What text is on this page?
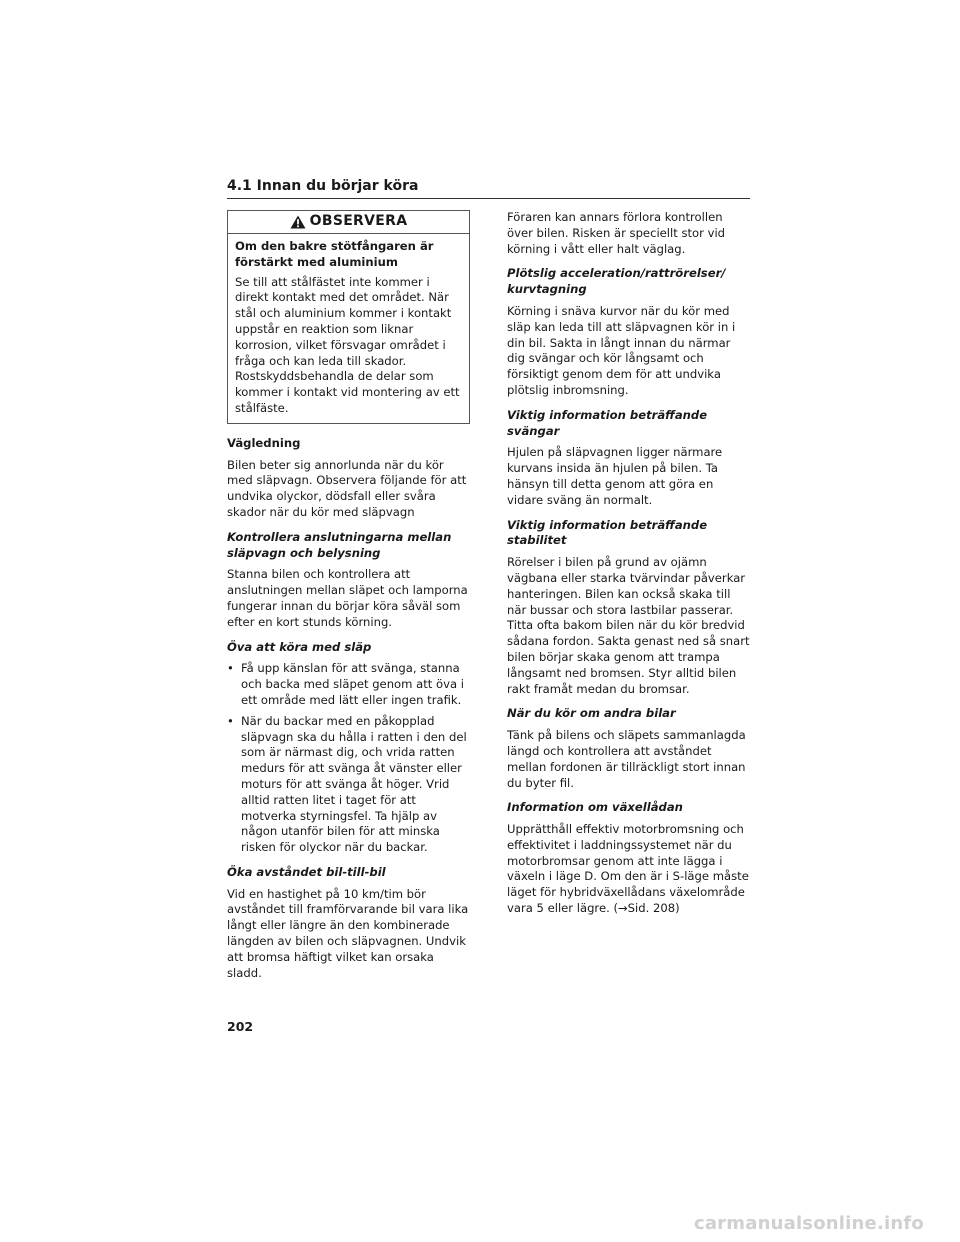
4.1 Innan du börjar köra
OBSERVERA

Om den bakre stötfångaren är förstärkt med aluminium

Se till att stålfästet inte kommer i direkt kontakt med det området. När stål och aluminium kommer i kontakt uppstår en reaktion som liknar korrosion, vilket försvagar området i fråga och kan leda till skador. Rostskyddsbehandla de delar som kommer i kontakt vid montering av ett stålfäste.

Vägledning

Bilen beter sig annorlunda när du kör med släpvagn. Observera följande för att undvika olyckor, dödsfall eller svåra skador när du kör med släpvagn

Kontrollera anslutningarna mellan släpvagn och belysning

Stanna bilen och kontrollera att anslutningen mellan släpet och lamporna fungerar innan du börjar köra såväl som efter en kort stunds körning.

Öva att köra med släp

• Få upp känslan för att svänga, stanna och backa med släpet genom att öva i ett område med lätt eller ingen trafik.
• När du backar med en påkopplad släpvagn ska du hålla i ratten i den del som är närmast dig, och vrida ratten medurs för att svänga åt vänster eller moturs för att svänga åt höger. Vrid alltid ratten litet i taget för att motverka styrningsfel. Ta hjälp av någon utanför bilen för att minska risken för olyckor när du backar.

Öka avståndet bil-till-bil

Vid en hastighet på 10 km/tim bör avståndet till framförvarande bil vara lika långt eller längre än den kombinerade längden av bilen och släpvagnen. Undvik att bromsa häftigt vilket kan orsaka sladd.

Föraren kan annars förlora kontrollen över bilen. Risken är speciellt stor vid körning i vått eller halt väglag.

Plötslig acceleration/rattrörelser/ kurvtagning

Körning i snäva kurvor när du kör med släp kan leda till att släpvagnen kör in i din bil. Sakta in långt innan du närmar dig svängar och kör långsamt och försiktigt genom dem för att undvika plötslig inbromsning.

Viktig information beträffande svängar

Hjulen på släpvagnen ligger närmare kurvans insida än hjulen på bilen. Ta hänsyn till detta genom att göra en vidare sväng än normalt.

Viktig information beträffande stabilitet

Rörelser i bilen på grund av ojämn vägbana eller starka tvärvindar påverkar hanteringen. Bilen kan också skaka till när bussar och stora lastbilar passerar. Titta ofta bakom bilen när du kör bredvid sådana fordon. Sakta genast ned så snart bilen börjar skaka genom att trampa långsamt ned bromsen. Styr alltid bilen rakt framåt medan du bromsar.

När du kör om andra bilar

Tänk på bilens och släpets sammanlagda längd och kontrollera att avståndet mellan fordonen är tillräckligt stort innan du byter fil.

Information om växellådan

Upprätthåll effektiv motorbromsning och effektivitet i laddningssystemet när du motorbromsar genom att inte lägga i växeln i läge D. Om den är i S-läge måste läget för hybridväxellådans växelområde vara 5 eller lägre. (→Sid. 208)

202
carmanualsonline.info
